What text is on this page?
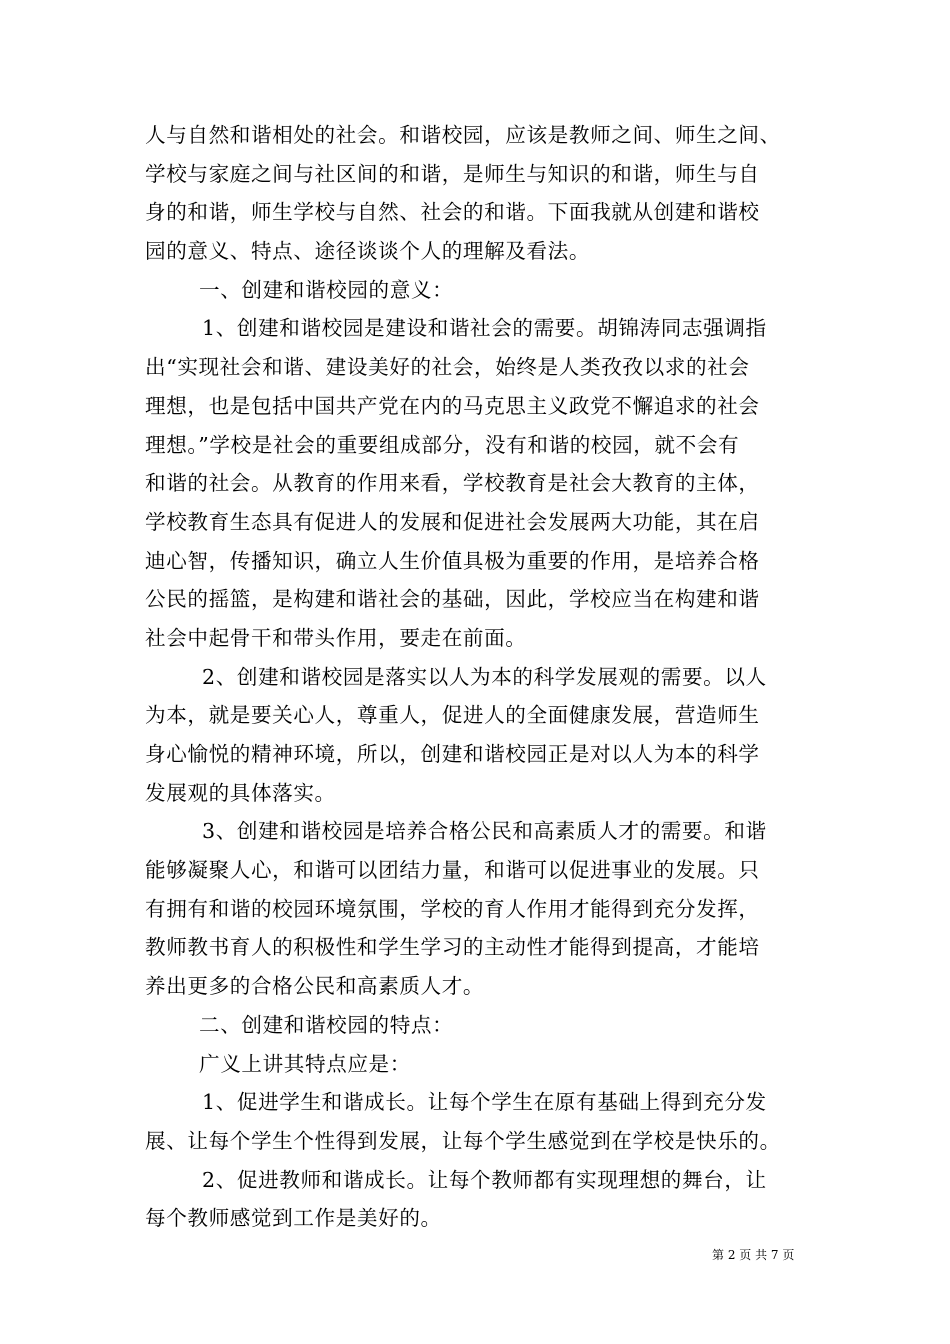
人与自然和谐相处的社会。和谐校园，应该是教师之间、师生之间、
学校与家庭之间与社区间的和谐，是师生与知识的和谐，师生与自
身的和谐，师生学校与自然、社会的和谐。下面我就从创建和谐校
园的意义、特点、途径谈谈个人的理解及看法。

一、创建和谐校园的意义：

1、创建和谐校园是建设和谐社会的需要。胡锦涛同志强调指
出“实现社会和谐、建设美好的社会，始终是人类孜孜以求的社会
理想，也是包括中国共产党在内的马克思主义政党不懈追求的社会
理想。”学校是社会的重要组成部分，没有和谐的校园，就不会有
和谐的社会。从教育的作用来看，学校教育是社会大教育的主体，
学校教育生态具有促进人的发展和促进社会发展两大功能，其在启
迪心智，传播知识，确立人生价值具极为重要的作用，是培养合格
公民的摇篮，是构建和谐社会的基础，因此，学校应当在构建和谐
社会中起骨干和带头作用，要走在前面。

2、创建和谐校园是落实以人为本的科学发展观的需要。以人
为本，就是要关心人，尊重人，促进人的全面健康发展，营造师生
身心愉悦的精神环境，所以，创建和谐校园正是对以人为本的科学
发展观的具体落实。

3、创建和谐校园是培养合格公民和高素质人才的需要。和谐
能够凝聚人心，和谐可以团结力量，和谐可以促进事业的发展。只
有拥有和谐的校园环境氛围，学校的育人作用才能得到充分发挥，
教师教书育人的积极性和学生学习的主动性才能得到提高，才能培
养出更多的合格公民和高素质人才。

二、创建和谐校园的特点：

广义上讲其特点应是：

1、促进学生和谐成长。让每个学生在原有基础上得到充分发
展、让每个学生个性得到发展，让每个学生感觉到在学校是快乐的。

2、促进教师和谐成长。让每个教师都有实现理想的舞台，让
每个教师感觉到工作是美好的。

第 2 页 共 7 页
